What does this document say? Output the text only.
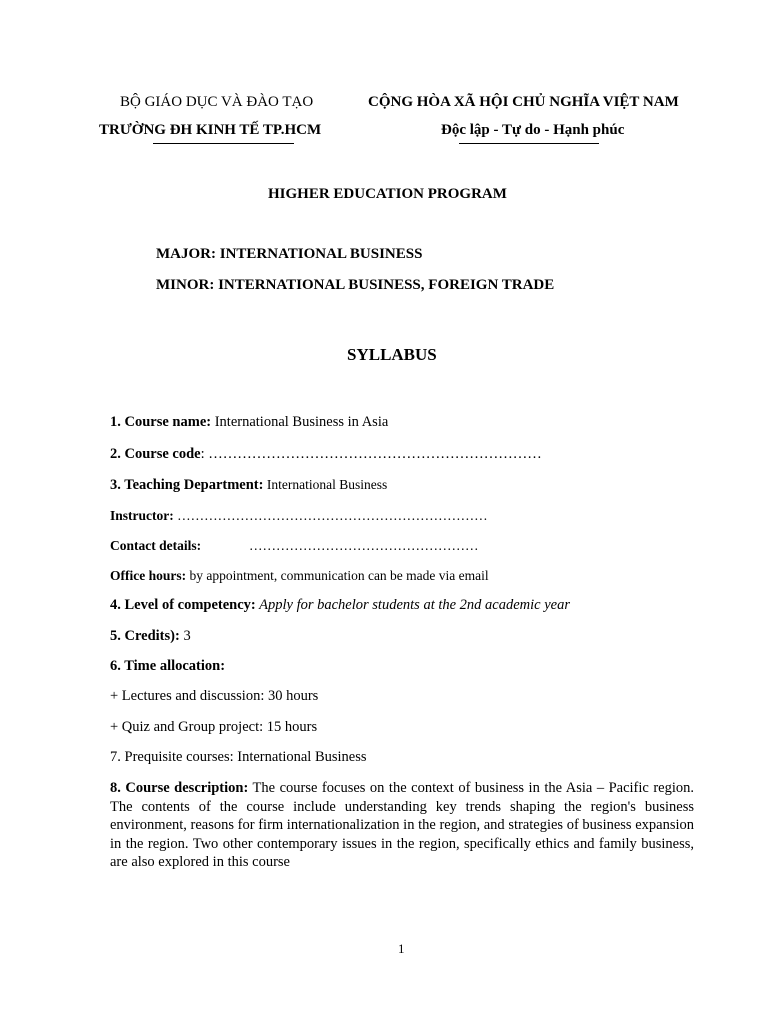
BỘ GIÁO DỤC VÀ ĐÀO TẠO
TRƯỜNG ĐH KINH TẾ TP.HCM
CỘNG HÒA XÃ HỘI CHỦ NGHĨA VIỆT NAM
Độc lập - Tự do - Hạnh phúc
HIGHER EDUCATION PROGRAM
MAJOR: INTERNATIONAL BUSINESS
MINOR: INTERNATIONAL BUSINESS, FOREIGN TRADE
SYLLABUS
1. Course name: International Business in Asia
2. Course code: ……………………………………………………………
3. Teaching Department: International Business
Instructor: ……………………………………………………………
Contact details:	……………………………………………
Office hours: by appointment, communication can be made via email
4. Level of competency: Apply for bachelor students at the 2nd academic year
5. Credits): 3
6. Time allocation:
+ Lectures and discussion: 30 hours
+ Quiz and Group project: 15 hours
7. Prequisite courses: International Business
8. Course description: The course focuses on the context of business in the Asia – Pacific region. The contents of the course include understanding key trends shaping the region's business environment, reasons for firm internationalization in the region, and strategies of business expansion in the region. Two other contemporary issues in the region, specifically ethics and family business, are also explored in this course
1
